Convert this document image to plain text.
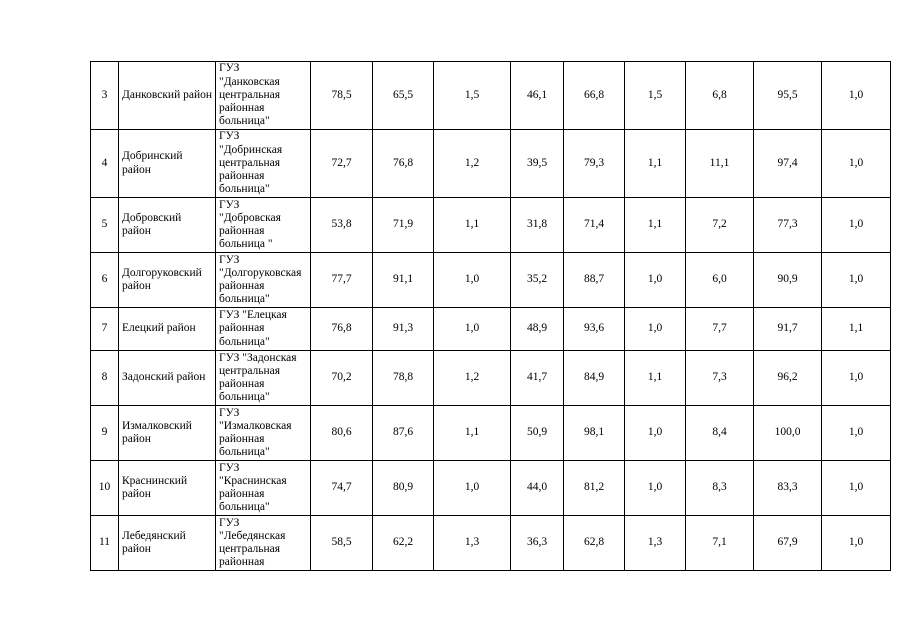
3	Данковский район	ГУЗ
"Данковская
центральная
районная
больница"	78,5	65,5	1,5	46,1	66,8	1,5	6,8	95,5	1,0
4	Добринский район	ГУЗ
"Добринская
центральная
районная
больница"	72,7	76,8	1,2	39,5	79,3	1,1	11,1	97,4	1,0
5	Добровский район	ГУЗ
"Добровская
районная
больница "	53,8	71,9	1,1	31,8	71,4	1,1	7,2	77,3	1,0
6	Долгоруковский район	ГУЗ
"Долгоруковская
районная
больница"	77,7	91,1	1,0	35,2	88,7	1,0	6,0	90,9	1,0
7	Елецкий район	ГУЗ "Елецкая
районная
больница"	76,8	91,3	1,0	48,9	93,6	1,0	7,7	91,7	1,1
8	Задонский район	ГУЗ "Задонская
центральная
районная
больница"	70,2	78,8	1,2	41,7	84,9	1,1	7,3	96,2	1,0
9	Измалковский район	ГУЗ
"Измалковская
районная
больница"	80,6	87,6	1,1	50,9	98,1	1,0	8,4	100,0	1,0
10	Краснинский район	ГУЗ
"Краснинская
районная
больница"	74,7	80,9	1,0	44,0	81,2	1,0	8,3	83,3	1,0
11	Лебедянский район	ГУЗ
"Лебедянская
центральная
районная	58,5	62,2	1,3	36,3	62,8	1,3	7,1	67,9	1,0
